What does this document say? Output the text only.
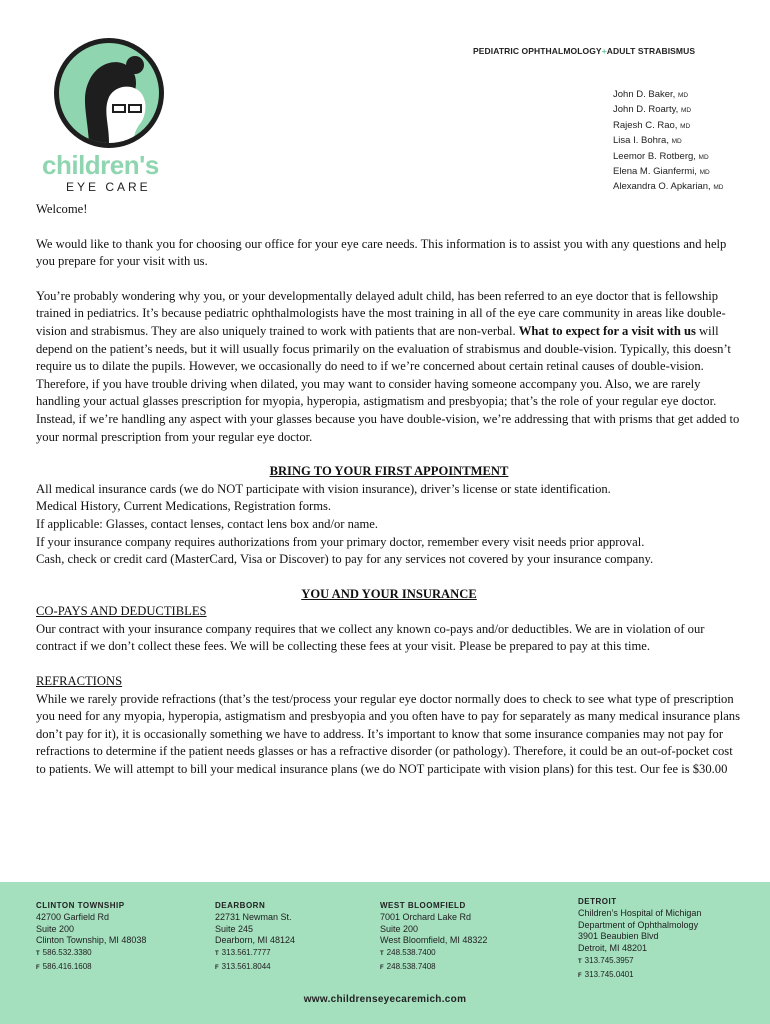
children's
EYE CARE
PEDIATRIC OPHTHALMOLOGY+ADULT STRABISMUS
John D. Baker, MD
John D. Roarty, MD
Rajesh C. Rao, MD
Lisa I. Bohra, MD
Leemor B. Rotberg, MD
Elena M. Gianfermi, MD
Alexandra O. Apkarian, MD

Welcome!

We would like to thank you for choosing our office for your eye care needs. This information is to assist you with any questions and help you prepare for your visit with us.

You’re probably wondering why you, or your developmentally delayed adult child, has been referred to an eye doctor that is fellowship trained in pediatrics. It’s because pediatric ophthalmologists have the most training in all of the eye care community in areas like double-vision and strabismus. They are also uniquely trained to work with patients that are non-verbal. What to expect for a visit with us will depend on the patient’s needs, but it will usually focus primarily on the evaluation of strabismus and double-vision. Typically, this doesn’t require us to dilate the pupils. However, we occasionally do need to if we’re concerned about certain retinal causes of double-vision. Therefore, if you have trouble driving when dilated, you may want to consider having someone accompany you. Also, we are rarely handling your actual glasses prescription for myopia, hyperopia, astigmatism and presbyopia; that’s the role of your regular eye doctor. Instead, if we’re handling any aspect with your glasses because you have double-vision, we’re addressing that with prisms that get added to your normal prescription from your regular eye doctor.

BRING TO YOUR FIRST APPOINTMENT

All medical insurance cards (we do NOT participate with vision insurance), driver’s license or state identification.

Medical History, Current Medications, Registration forms.

If applicable: Glasses, contact lenses, contact lens box and/or name.

If your insurance company requires authorizations from your primary doctor, remember every visit needs prior approval.

Cash, check or credit card (MasterCard, Visa or Discover) to pay for any services not covered by your insurance company.

YOU AND YOUR INSURANCE

CO-PAYS AND DEDUCTIBLES

Our contract with your insurance company requires that we collect any known co-pays and/or deductibles. We are in violation of our contract if we don’t collect these fees. We will be collecting these fees at your visit. Please be prepared to pay at this time.

REFRACTIONS

While we rarely provide refractions (that’s the test/process your regular eye doctor normally does to check to see what type of prescription you need for any myopia, hyperopia, astigmatism and presbyopia and you often have to pay for separately as many medical insurance plans don’t pay for it), it is occasionally something we have to address. It’s important to know that some insurance companies may not pay for refractions to determine if the patient needs glasses or has a refractive disorder (or pathology). Therefore, it could be an out-of-pocket cost to patients. We will attempt to bill your medical insurance plans (we do NOT participate with vision plans) for this test. Our fee is $30.00

CLINTON TOWNSHIP
42700 Garfield Rd
Suite 200
Clinton Township, MI 48038
T 586.532.3380
F 586.416.1608
DEARBORN
22731 Newman St.
Suite 245
Dearborn, MI 48124
T 313.561.7777
F 313.561.8044
WEST BLOOMFIELD
7001 Orchard Lake Rd
Suite 200
West Bloomfield, MI 48322
T 248.538.7400
F 248.538.7408
DETROIT
Children’s Hospital of Michigan
Department of Ophthalmology
3901 Beaubien Blvd
Detroit, MI 48201
T 313.745.3957
F 313.745.0401
www.childrenseyecaremich.com
